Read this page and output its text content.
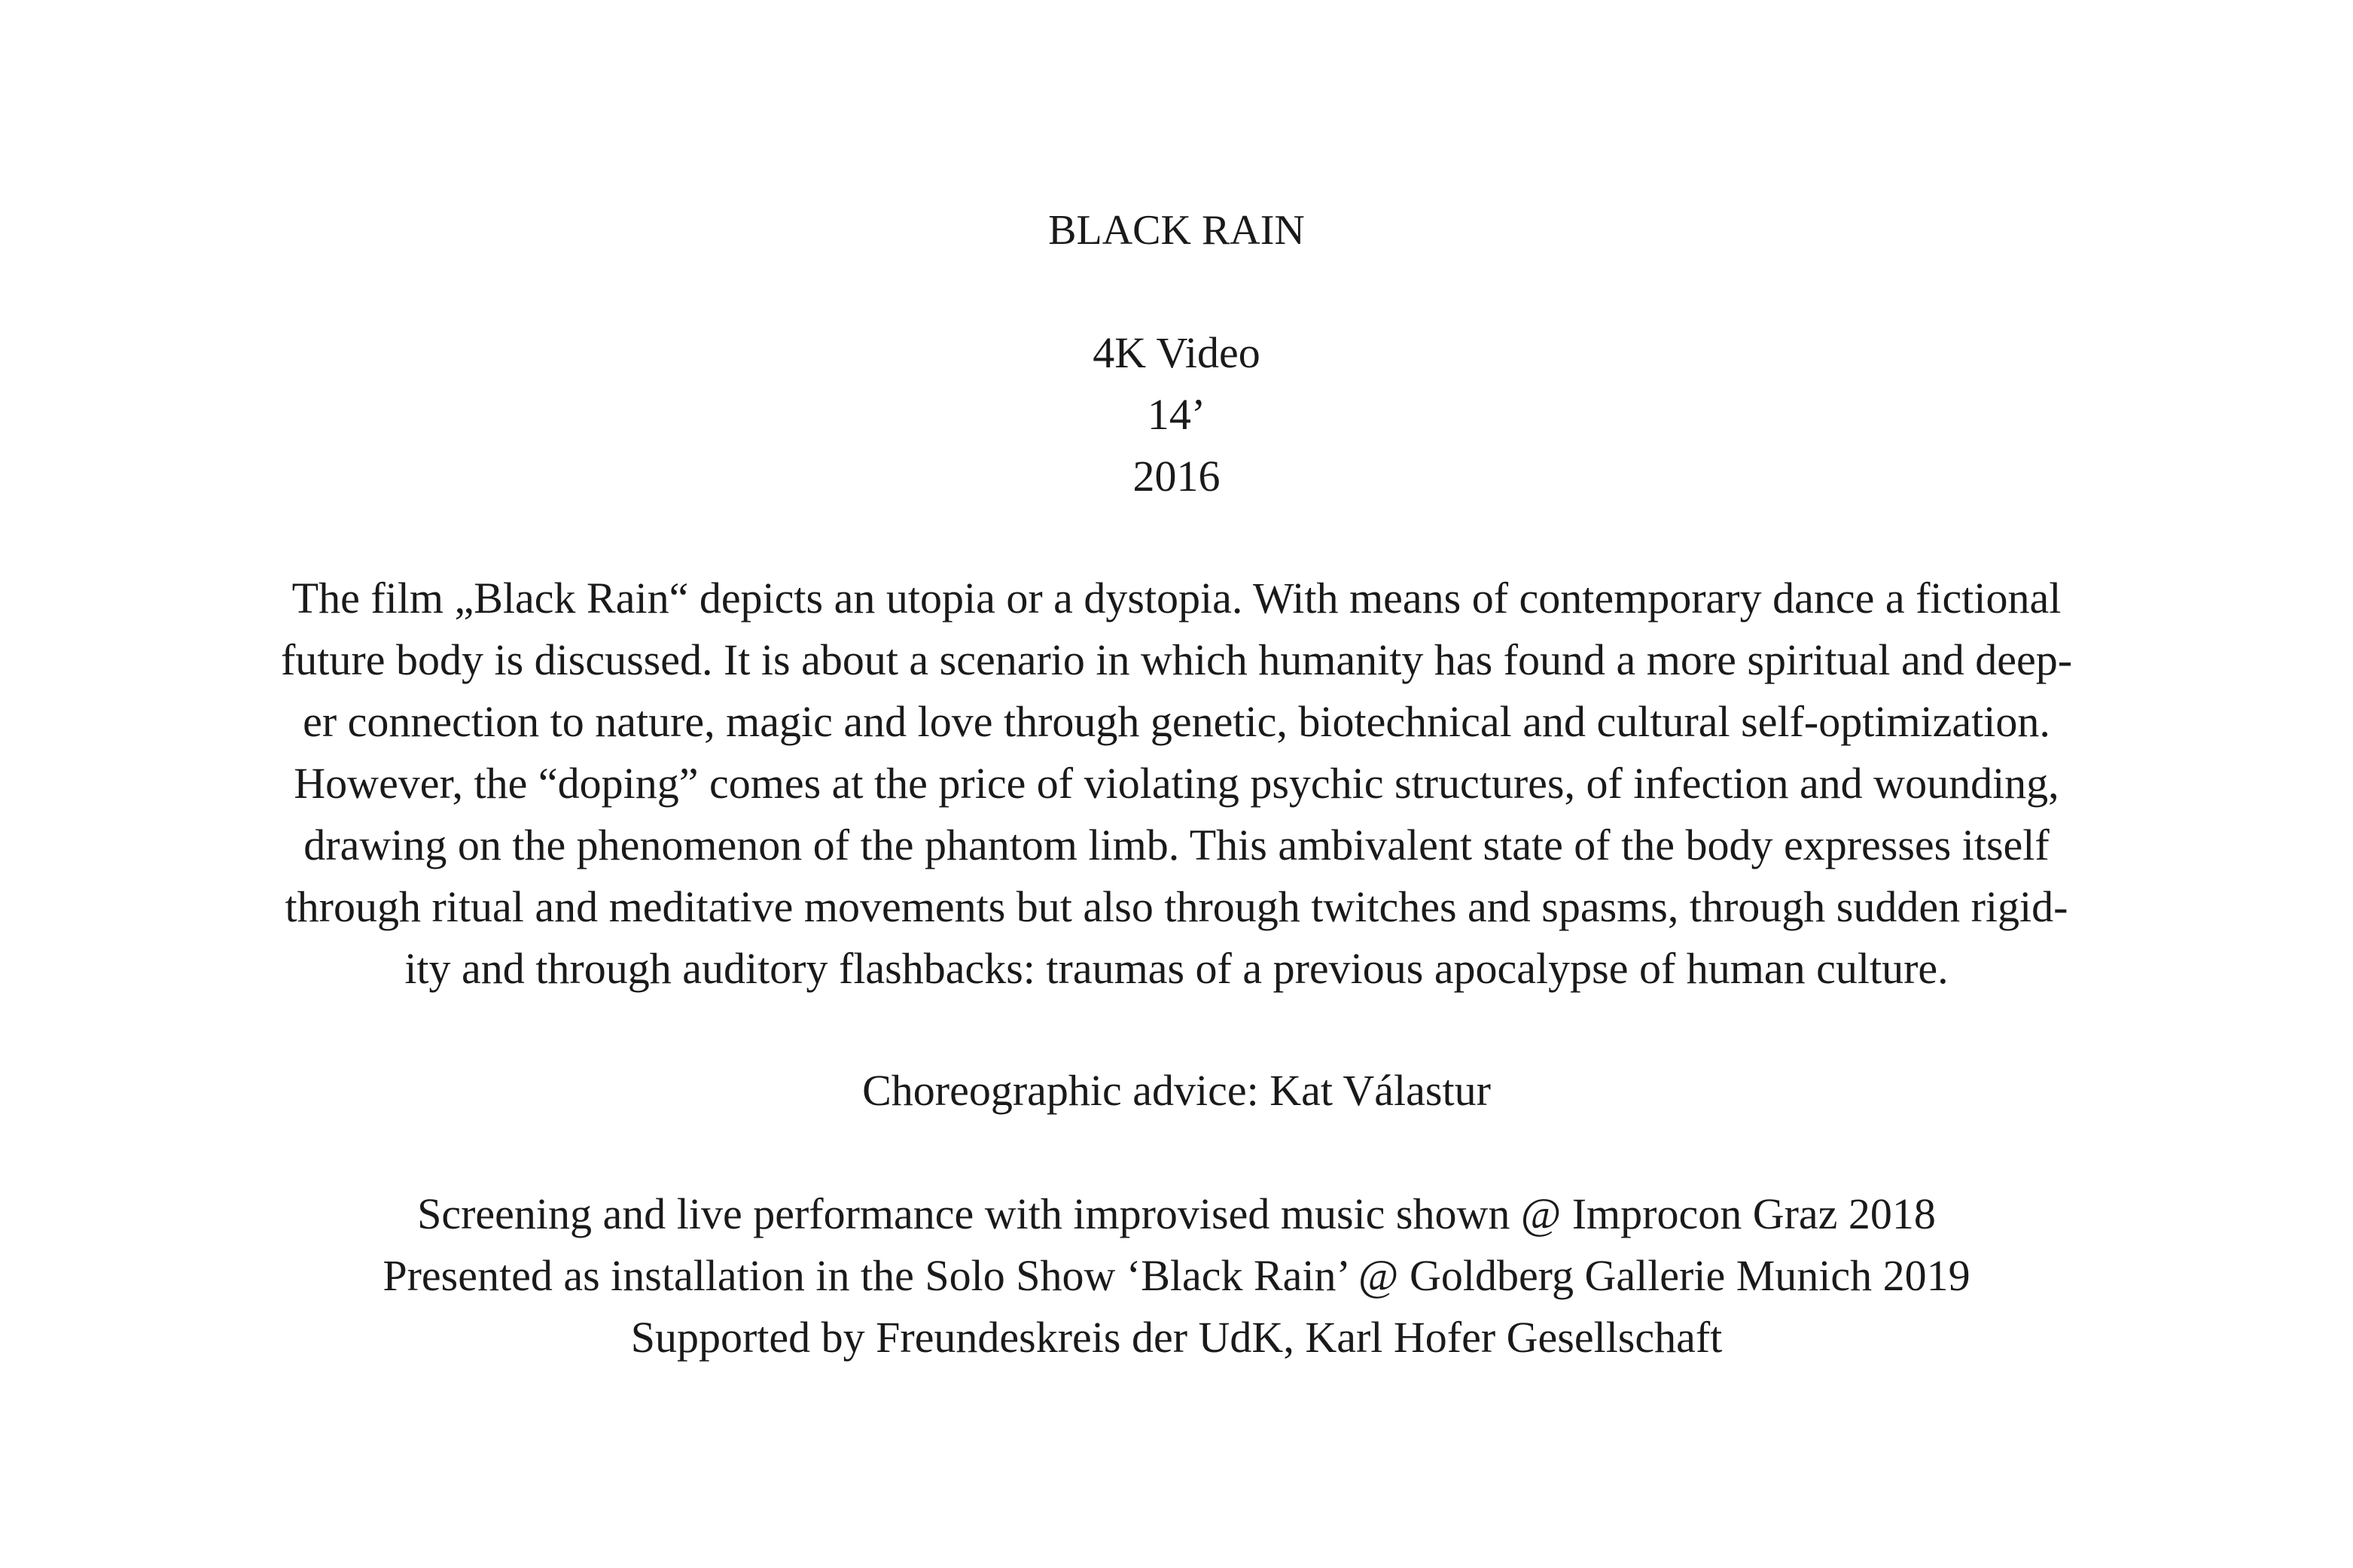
BLACK RAIN
4K Video
14’
2016
The film „Black Rain“ depicts an utopia or a dystopia. With means of contemporary dance a fictional
future body is discussed. It is about a scenario in which humanity has found a more spiritual and deep-
er connection to nature, magic and love through genetic, biotechnical and cultural self-optimization.
However, the “doping” comes at the price of violating psychic structures, of infection and wounding,
drawing on the phenomenon of the phantom limb. This ambivalent state of the body expresses itself
through ritual and meditative movements but also through twitches and spasms, through sudden rigid-
ity and through auditory flashbacks: traumas of a previous apocalypse of human culture.
Choreographic advice: Kat Válastur
Screening and live performance with improvised music shown @ Improcon Graz 2018
Presented as installation in the Solo Show ‘Black Rain’ @ Goldberg Gallerie Munich 2019
Supported by Freundeskreis der UdK, Karl Hofer Gesellschaft
